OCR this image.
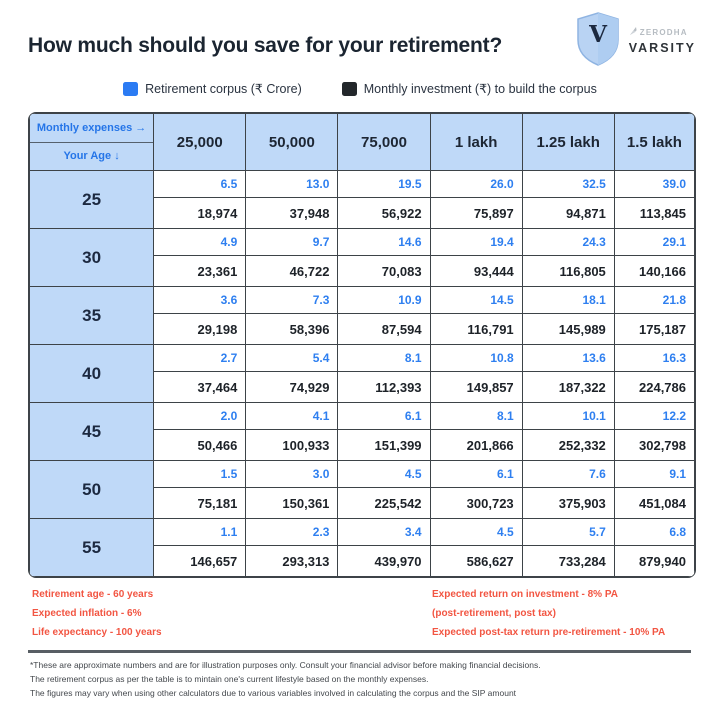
How much should you save for your retirement?	V	ZERODHA
VARSITY
Retirement corpus (₹ Crore)	Monthly investment (₹) to build the corpus
Monthly expenses →
Your Age ↓	25,000	50,000	75,000	1 lakh	1.25 lakh	1.5 lakh
25	6.5	13.0	19.5	26.0	32.5	39.0
	18,974	37,948	56,922	75,897	94,871	113,845
30	4.9	9.7	14.6	19.4	24.3	29.1
	23,361	46,722	70,083	93,444	116,805	140,166
35	3.6	7.3	10.9	14.5	18.1	21.8
	29,198	58,396	87,594	116,791	145,989	175,187
40	2.7	5.4	8.1	10.8	13.6	16.3
	37,464	74,929	112,393	149,857	187,322	224,786
45	2.0	4.1	6.1	8.1	10.1	12.2
	50,466	100,933	151,399	201,866	252,332	302,798
50	1.5	3.0	4.5	6.1	7.6	9.1
	75,181	150,361	225,542	300,723	375,903	451,084
55	1.1	2.3	3.4	4.5	5.7	6.8
	146,657	293,313	439,970	586,627	733,284	879,940
Retirement age - 60 years
Expected inflation - 6%
Life expectancy - 100 years
Expected return on investment - 8% PA
(post-retirement, post tax)
Expected post-tax return pre-retirement - 10% PA
*These are approximate numbers and are for illustration purposes only. Consult your financial advisor before making financial decisions.
The retirement corpus as per the table is to mintain one's current lifestyle based on the monthly expenses.
The figures may vary when using other calculators due to various variables involved in calculating the corpus and the SIP amount
